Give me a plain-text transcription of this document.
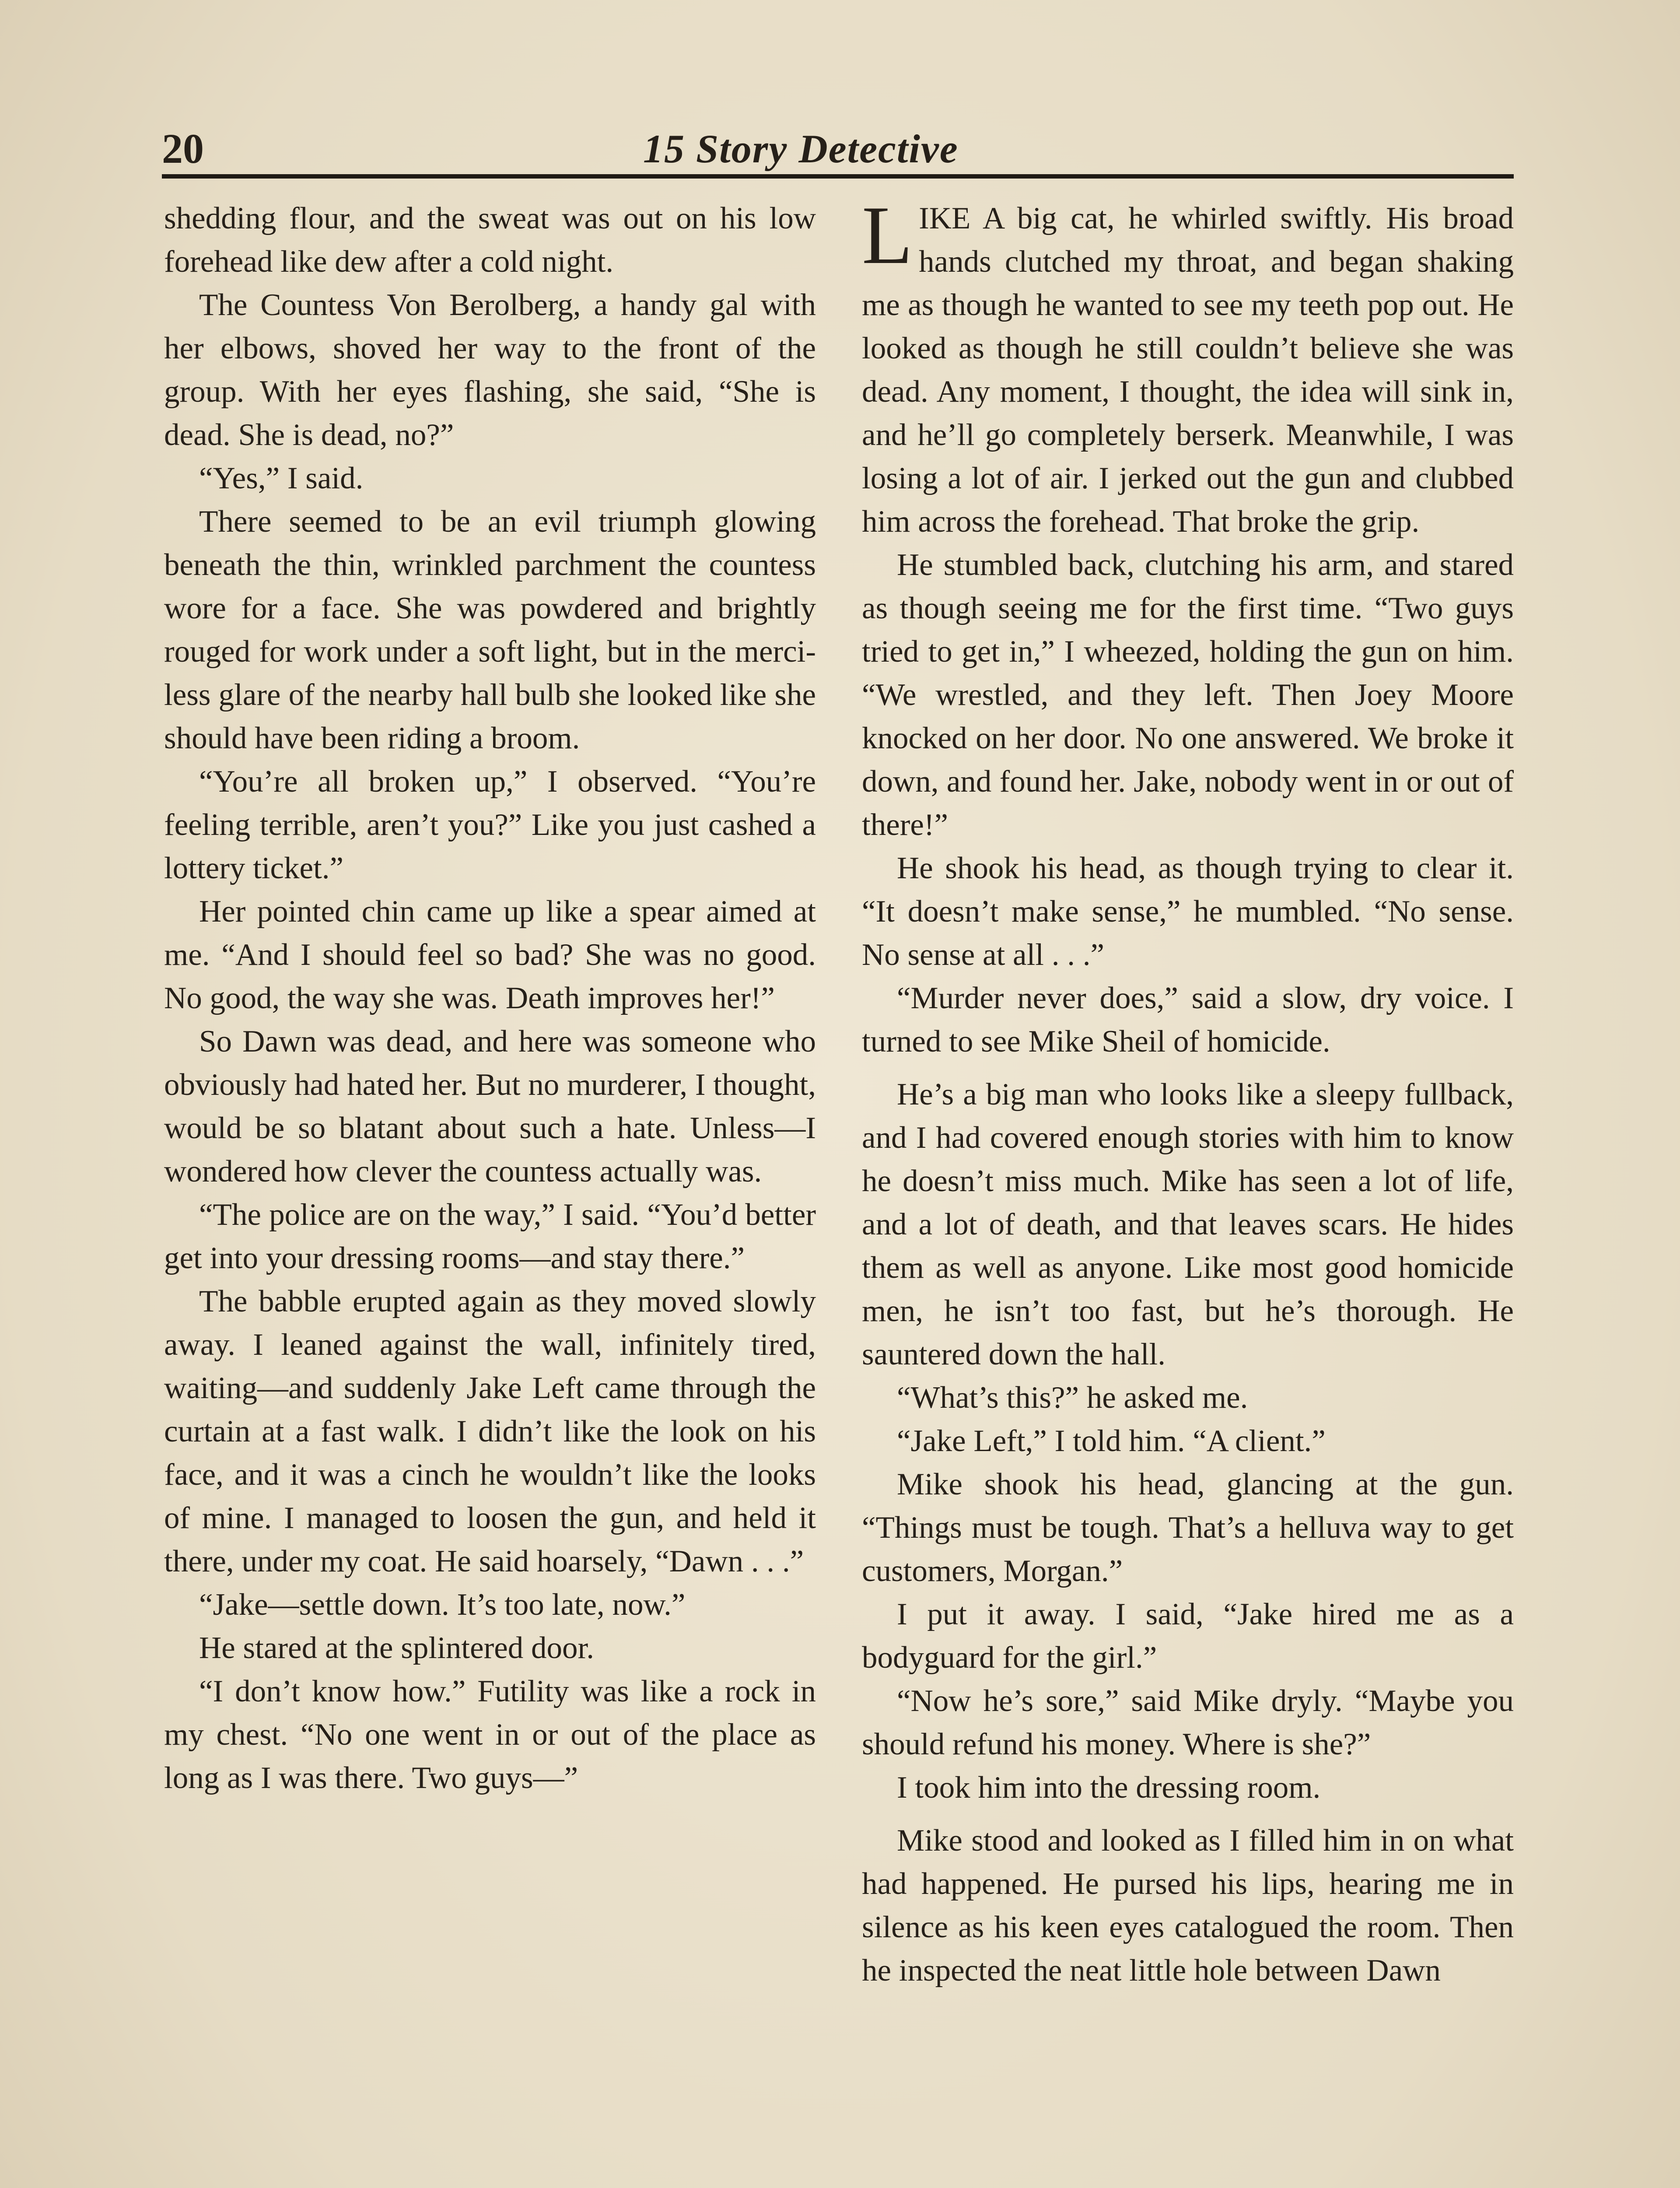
20	15 Story Detective

shedding flour, and the sweat was out on his low forehead like dew after a cold night.

The Countess Von Berolberg, a handy gal with her elbows, shoved her way to the front of the group. With her eyes flashing, she said, “She is dead. She is dead, no?”

“Yes,” I said.

There seemed to be an evil triumph glowing beneath the thin, wrinkled parchment the countess wore for a face. She was powdered and brightly rouged for work under a soft light, but in the merciless glare of the nearby hall bulb she looked like she should have been riding a broom.

“You’re all broken up,” I observed. “You’re feeling terrible, aren’t you?” Like you just cashed a lottery ticket.”

Her pointed chin came up like a spear aimed at me. “And I should feel so bad? She was no good. No good, the way she was. Death improves her!”

So Dawn was dead, and here was someone who obviously had hated her. But no murderer, I thought, would be so blatant about such a hate. Unless—I wondered how clever the countess actually was.

“The police are on the way,” I said. “You’d better get into your dressing rooms—and stay there.”

The babble erupted again as they moved slowly away. I leaned against the wall, infinitely tired, waiting—and suddenly Jake Left came through the curtain at a fast walk. I didn’t like the look on his face, and it was a cinch he wouldn’t like the looks of mine. I managed to loosen the gun, and held it there, under my coat. He said hoarsely, “Dawn . . .”

“Jake—settle down. It’s too late, now.”

He stared at the splintered door.

“I don’t know how.” Futility was like a rock in my chest. “No one went in or out of the place as long as I was there. Two guys—”

LIKE A big cat, he whirled swiftly. His broad hands clutched my throat, and began shaking me as though he wanted to see my teeth pop out. He looked as though he still couldn’t believe she was dead. Any moment, I thought, the idea will sink in, and he’ll go completely berserk. Meanwhile, I was losing a lot of air. I jerked out the gun and clubbed him across the forehead. That broke the grip.

He stumbled back, clutching his arm, and stared as though seeing me for the first time. “Two guys tried to get in,” I wheezed, holding the gun on him. “We wrestled, and they left. Then Joey Moore knocked on her door. No one answered. We broke it down, and found her. Jake, nobody went in or out of there!”

He shook his head, as though trying to clear it. “It doesn’t make sense,” he mumbled. “No sense. No sense at all . . .”

“Murder never does,” said a slow, dry voice. I turned to see Mike Sheil of homicide.

He’s a big man who looks like a sleepy fullback, and I had covered enough stories with him to know he doesn’t miss much. Mike has seen a lot of life, and a lot of death, and that leaves scars. He hides them as well as anyone. Like most good homicide men, he isn’t too fast, but he’s thorough. He sauntered down the hall.

“What’s this?” he asked me.

“Jake Left,” I told him. “A client.”

Mike shook his head, glancing at the gun. “Things must be tough. That’s a helluva way to get customers, Morgan.”

I put it away. I said, “Jake hired me as a bodyguard for the girl.”

“Now he’s sore,” said Mike dryly. “Maybe you should refund his money. Where is she?”

I took him into the dressing room.

Mike stood and looked as I filled him in on what had happened. He pursed his lips, hearing me in silence as his keen eyes catalogued the room. Then he inspected the neat little hole between Dawn
